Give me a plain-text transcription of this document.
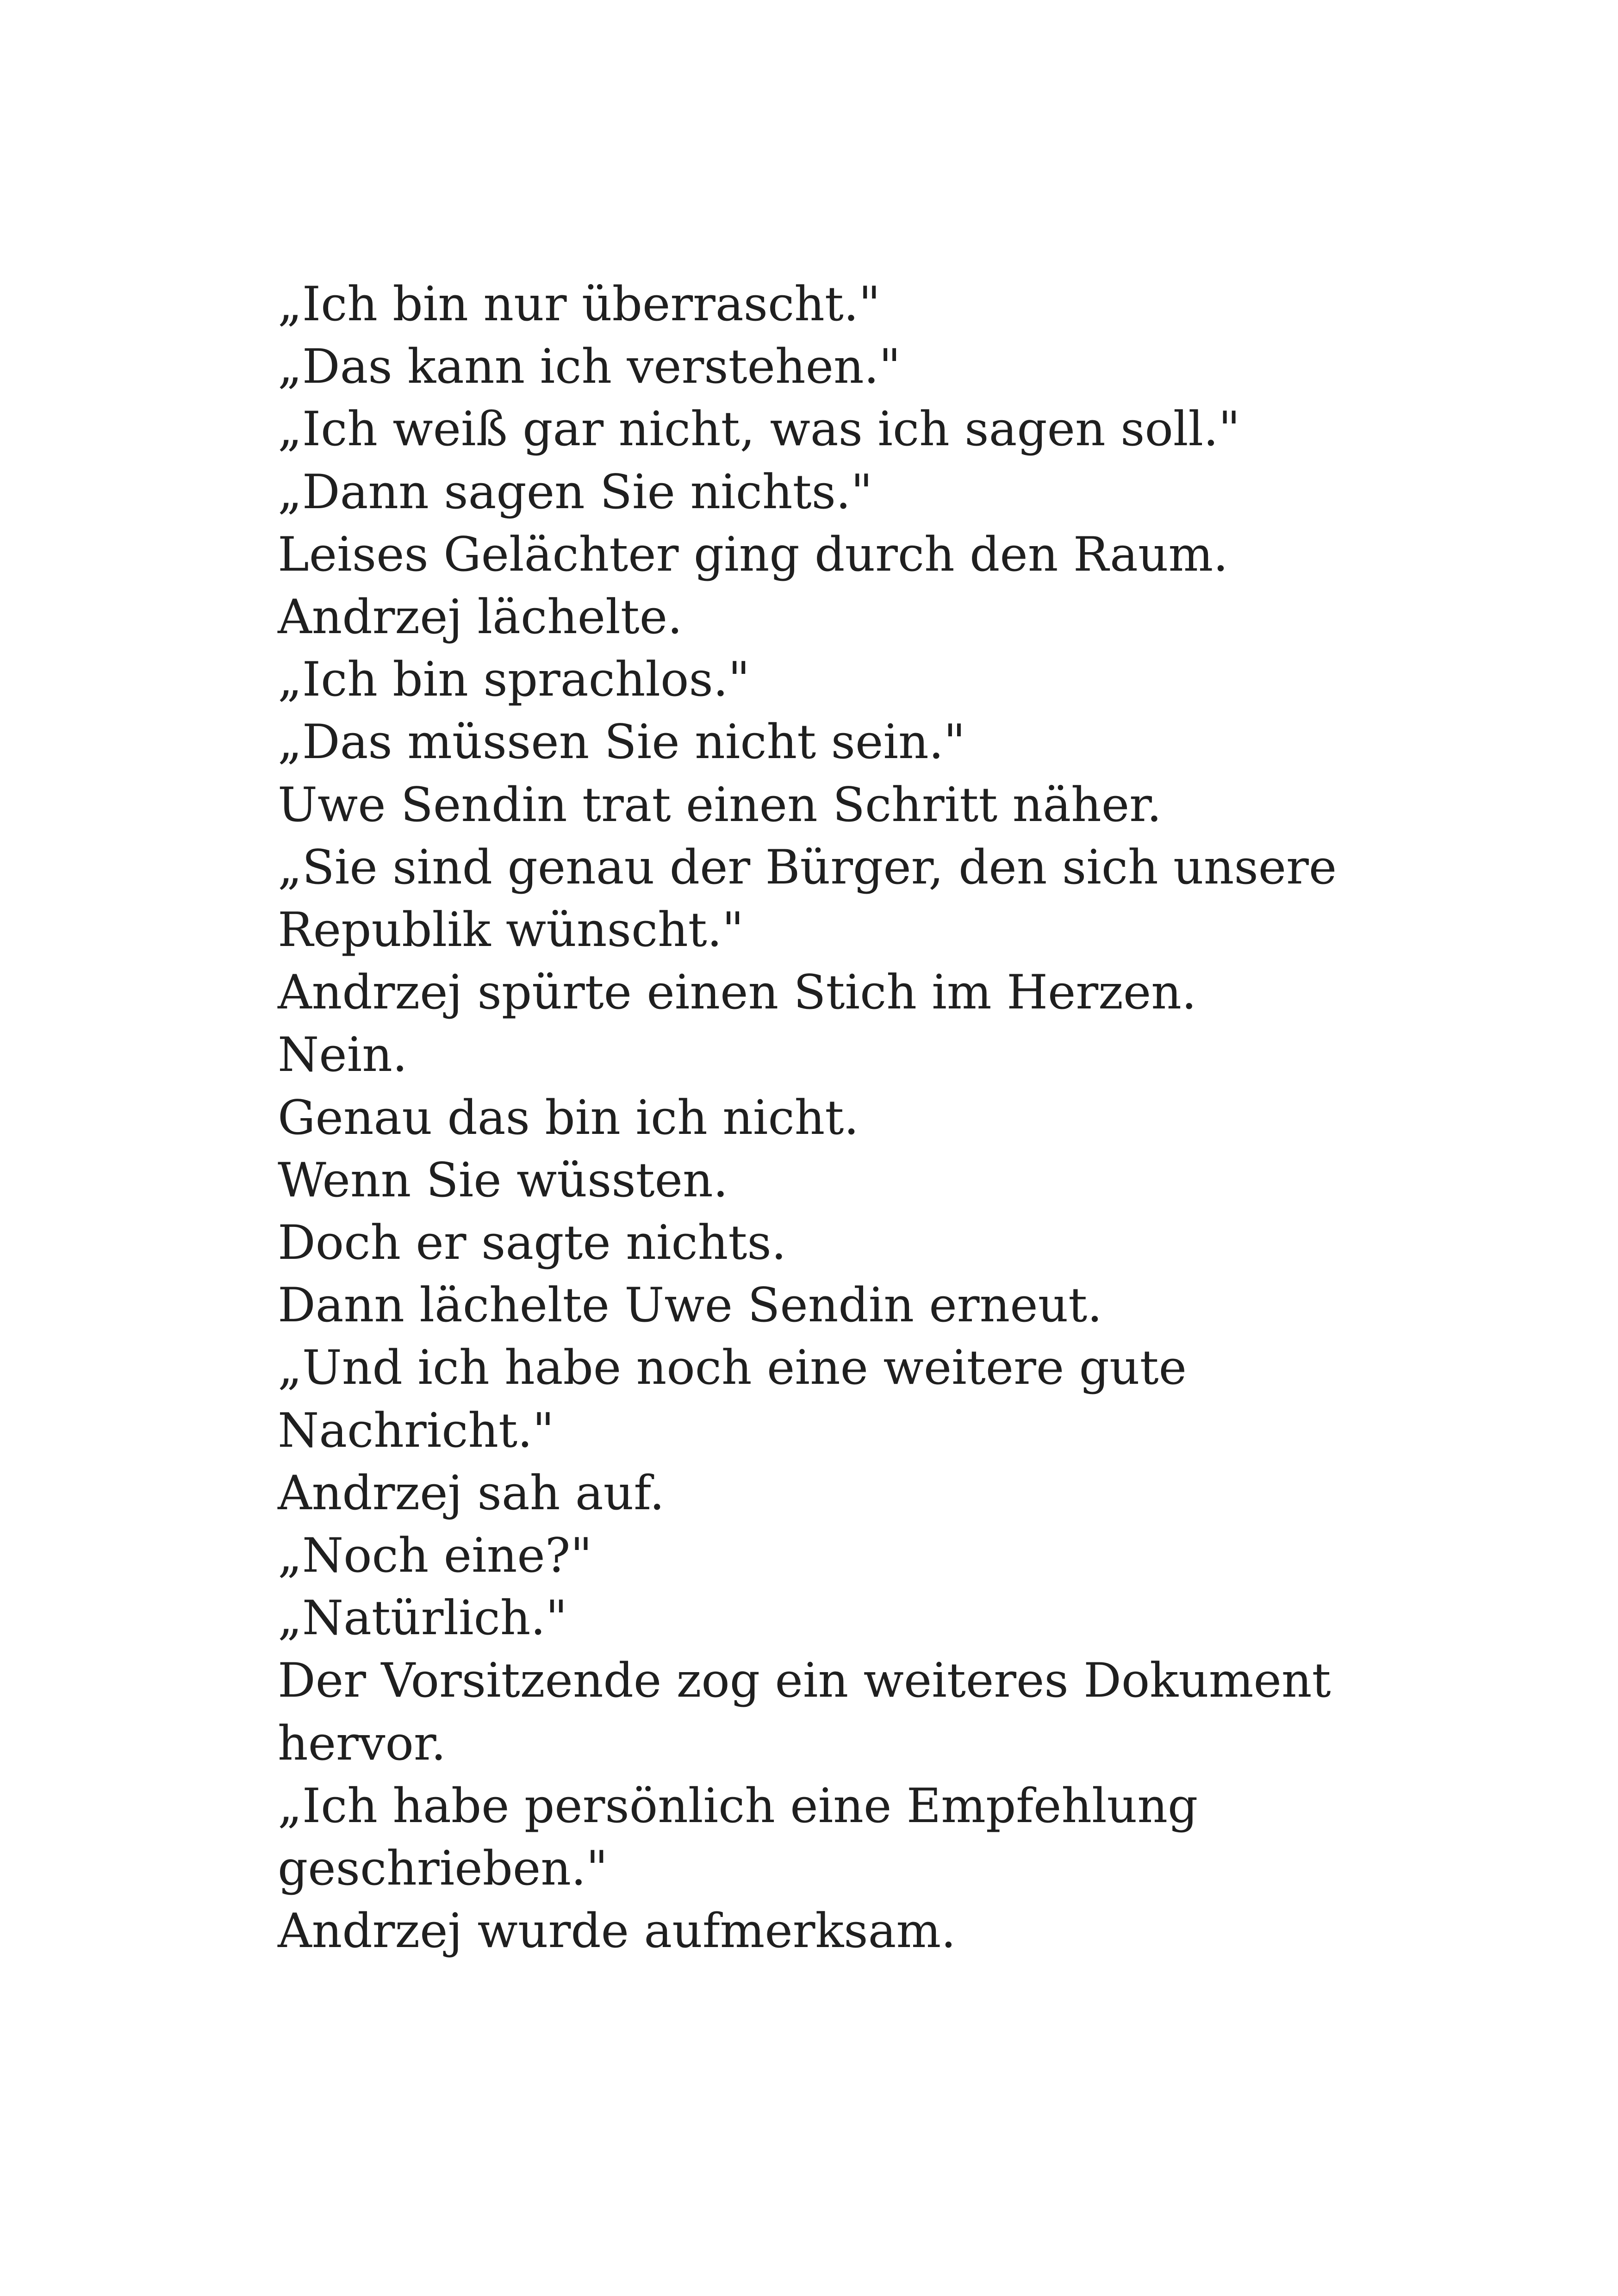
„Ich bin nur überrascht."
„Das kann ich verstehen."
„Ich weiß gar nicht, was ich sagen soll."
„Dann sagen Sie nichts."
Leises Gelächter ging durch den Raum.
Andrzej lächelte.
„Ich bin sprachlos."
„Das müssen Sie nicht sein."
Uwe Sendin trat einen Schritt näher.
„Sie sind genau der Bürger, den sich unsere
Republik wünscht."
Andrzej spürte einen Stich im Herzen.
Nein.
Genau das bin ich nicht.
Wenn Sie wüssten.
Doch er sagte nichts.
Dann lächelte Uwe Sendin erneut.
„Und ich habe noch eine weitere gute
Nachricht."
Andrzej sah auf.
„Noch eine?"
„Natürlich."
Der Vorsitzende zog ein weiteres Dokument
hervor.
„Ich habe persönlich eine Empfehlung
geschrieben."
Andrzej wurde aufmerksam.
